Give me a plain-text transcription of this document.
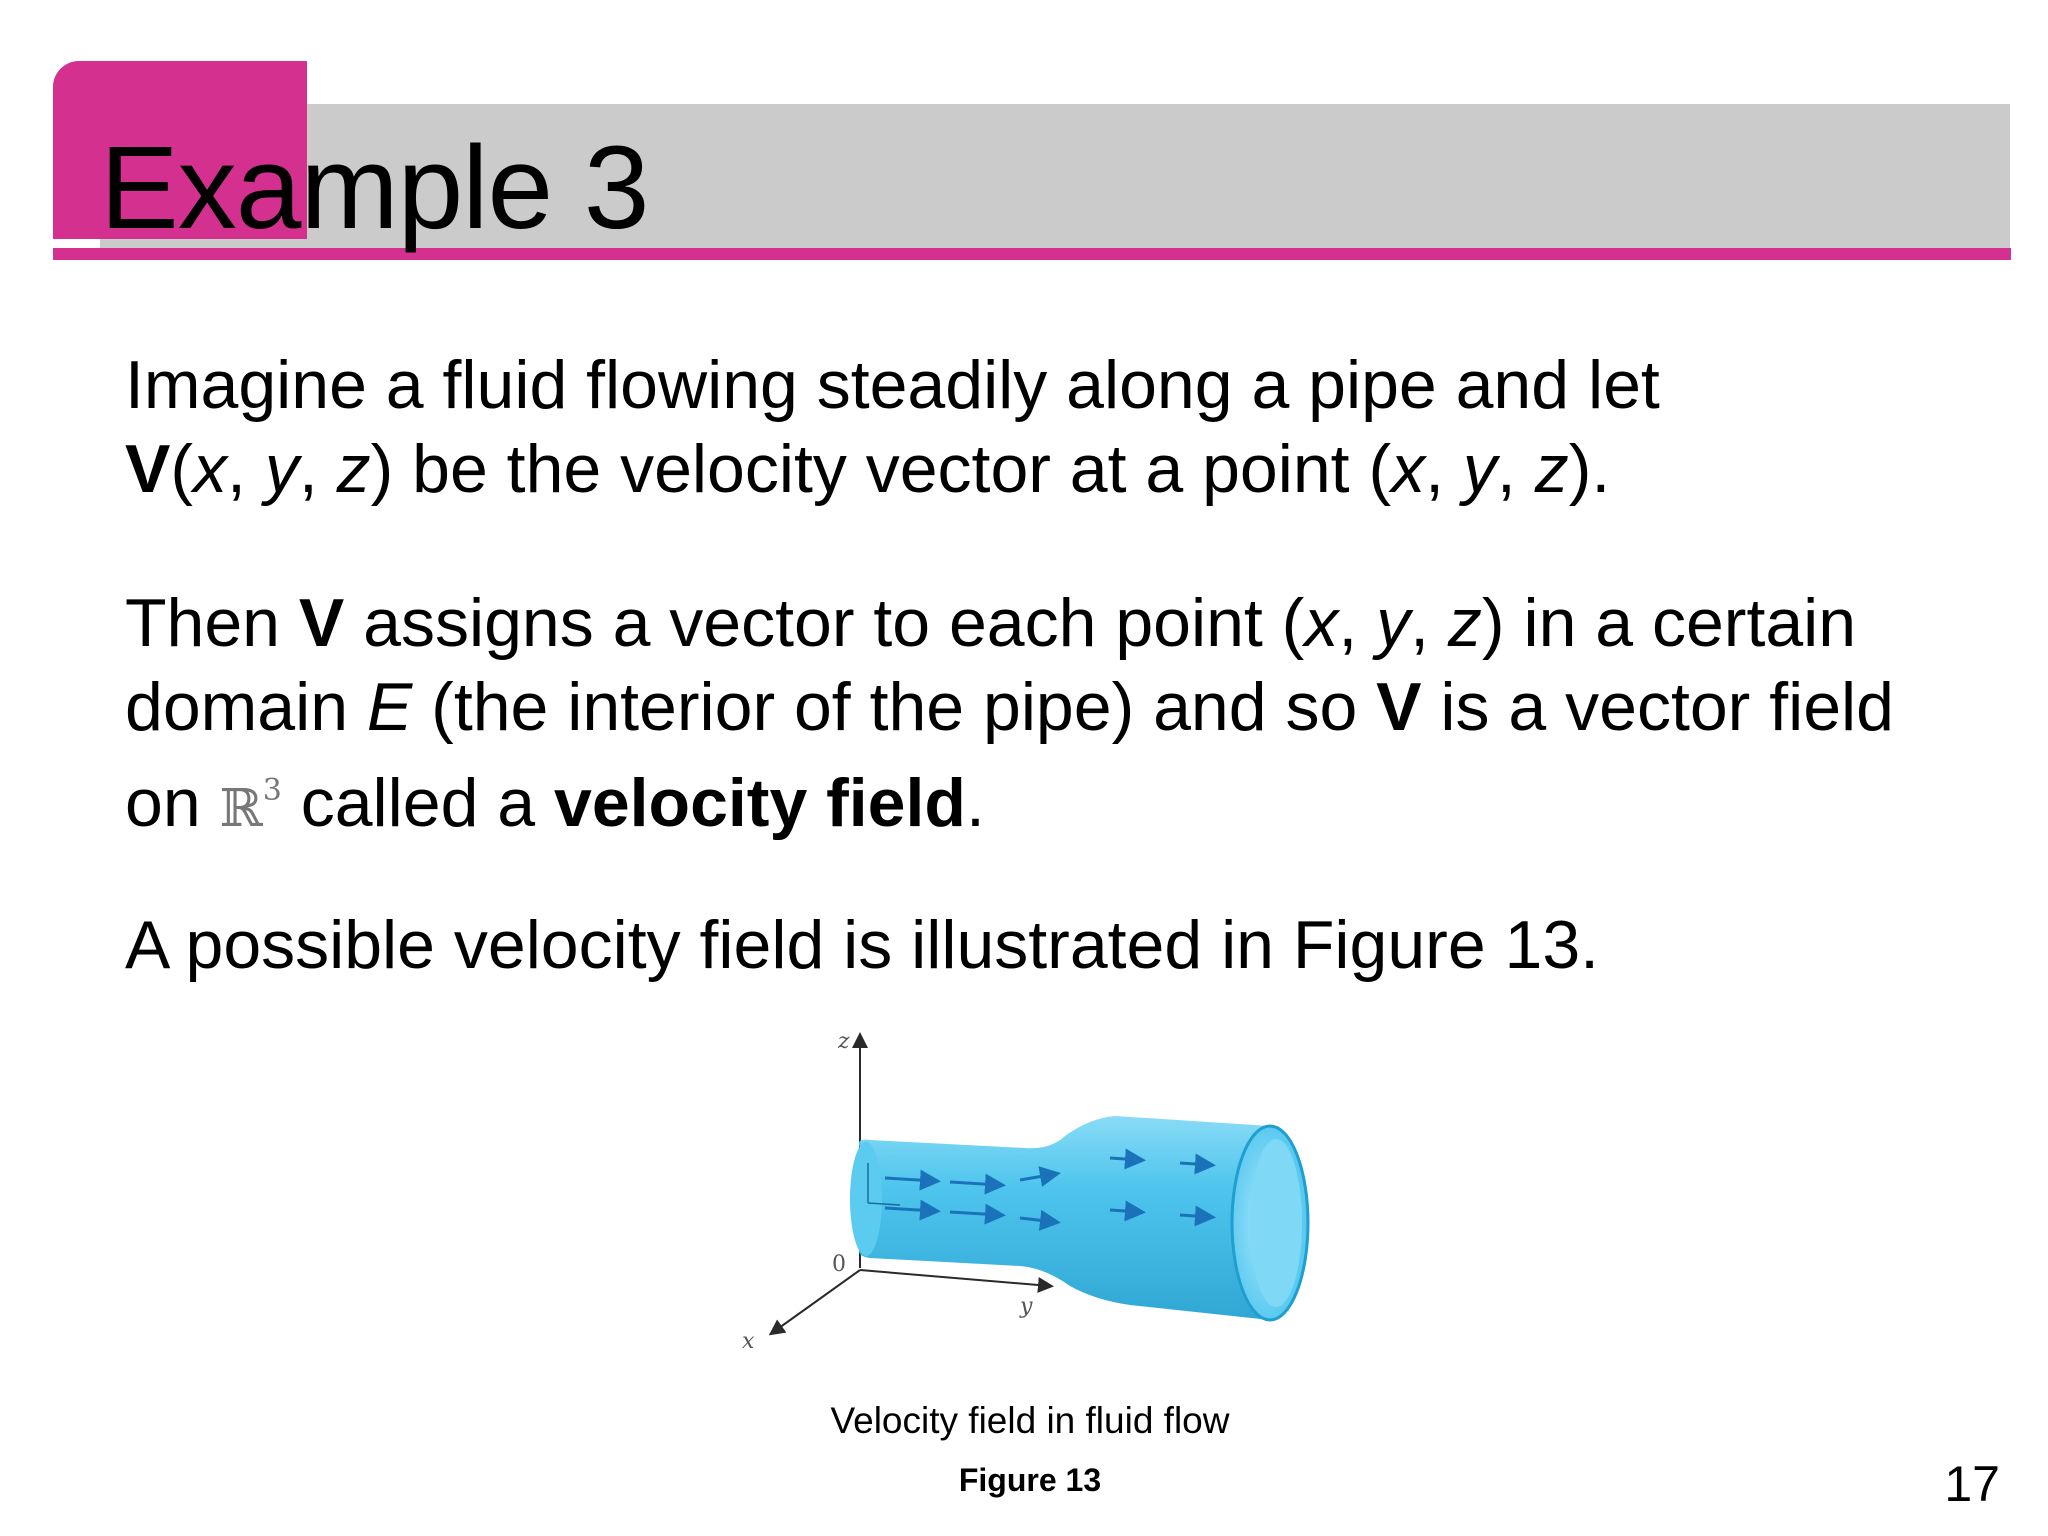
Example 3
Imagine a fluid flowing steadily along a pipe and let
V(x, y, z) be the velocity vector at a point (x, y, z).
Then V assigns a vector to each point (x, y, z) in a certain
domain E (the interior of the pipe) and so V is a vector field
on ℝ$^3$ called a velocity field.
A possible velocity field is illustrated in Figure 13.
z
y
x
0
Velocity field in fluid flow
Figure 13	17
